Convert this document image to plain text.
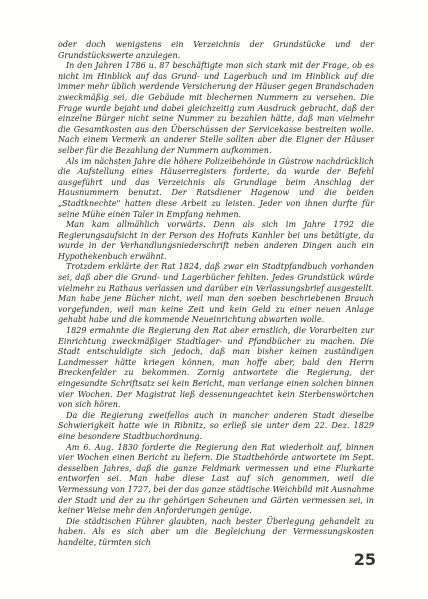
oder doch wenigstens ein Verzeichnis der Grundstücke und der Grundstückswerte anzulegen.

In den Jahren 1786 u. 87 beschäftigte man sich stark mit der Frage, ob es nicht im Hinblick auf das Grund- und Lagerbuch und im Hinblick auf die immer mehr üblich werdende Versicherung der Häuser gegen Brandschaden zweckmäßig sei, die Gebäude mit blechernen Nummern zu versehen. Die Frage wurde bejaht und dabei gleichzeitig zum Ausdruck gebracht, daß der einzelne Bürger nicht seine Nummer zu bezahlen hätte, daß man vielmehr die Gesamtkosten aus den Überschüssen der Servicekasse bestreiten wolle. Nach einem Vermerk an anderer Stelle sollten aber die Eigner der Häuser selber für die Bezahlung der Nummern aufkommen.

Als im nächsten Jahre die höhere Polizeibehörde in Güstrow nachdrücklich die Aufstellung eines Häuserregisters forderte, da wurde der Befehl ausgeführt und das Verzeichnis als Grundlage beim Anschlag der Hausnummern benutzt. Der Ratsdiener Hagenow und die beiden „Stadtknechte" hatten diese Arbeit zu leisten. Jeder von ihnen durfte für seine Mühe einen Taler in Empfang nehmen.

Man kam allmählich vorwärts. Denn als sich im Jahre 1792 die Regierungsaufsicht in der Person des Hofrats Kanhler bei uns betätigte, da wurde in der Verhandlungsniederschrift neben anderen Dingen auch ein Hypothekenbuch erwähnt.

Trotzdem erklärte der Rat 1824, daß zwar ein Stadtpfandbuch vorhanden sei, daß aber die Grund- und Lagerbücher fehlten. Jedes Grundstück würde vielmehr zu Rathaus verlassen und darüber ein Verlassungsbrief ausgestellt. Man habe jene Bücher nicht, weil man den soeben beschriebenen Brauch vorgefunden, weil man keine Zeit und kein Geld zu einer neuen Anlage gehabt habe und die kommende Neueinrichtung abwarten wolle.

1829 ermahnte die Regierung den Rat aber ernstlich, die Vorarbeiten zur Einrichtung zweckmäßiger Stadtlager- und Pfandbücher zu machen. Die Stadt entschuldigte sich jedoch, daß man bisher keinen zuständigen Landmesser hätte kriegen können, man hoffe aber, bald den Herrn Breckenfelder zu bekommen. Zornig antwortete die Regierung, der eingesandte Schriftsatz sei kein Bericht, man verlange einen solchen binnen vier Wochen. Der Magistrat ließ dessenungeachtet kein Sterbenswörtchen von sich hören.

Da die Regierung zweifellos auch in mancher anderen Stadt dieselbe Schwierigkeit hatte wie in Ribnitz, so erließ sie unter dem 22. Dez. 1829 eine besondere Stadtbuchordnung.

Am 6. Aug. 1830 forderte die Regierung den Rat wiederholt auf, binnen vier Wochen einen Bericht zu liefern. Die Stadtbehörde antwortete im Sept. desselben Jahres, daß die ganze Feldmark vermessen und eine Flurkarte entworfen sei. Man habe diese Last auf sich genommen, weil die Vermessung von 1727, bei der das ganze städtische Weichbild mit Ausnahme der Stadt und der zu ihr gehörigen Scheunen und Gärten vermessen sei, in keiner Weise mehr den Anforderungen genüge.

Die städtischen Führer glaubten, nach bester Überlegung gehandelt zu haben. Als es sich aber um die Begleichung der Vermessungskosten handelte, türmten sich

25
